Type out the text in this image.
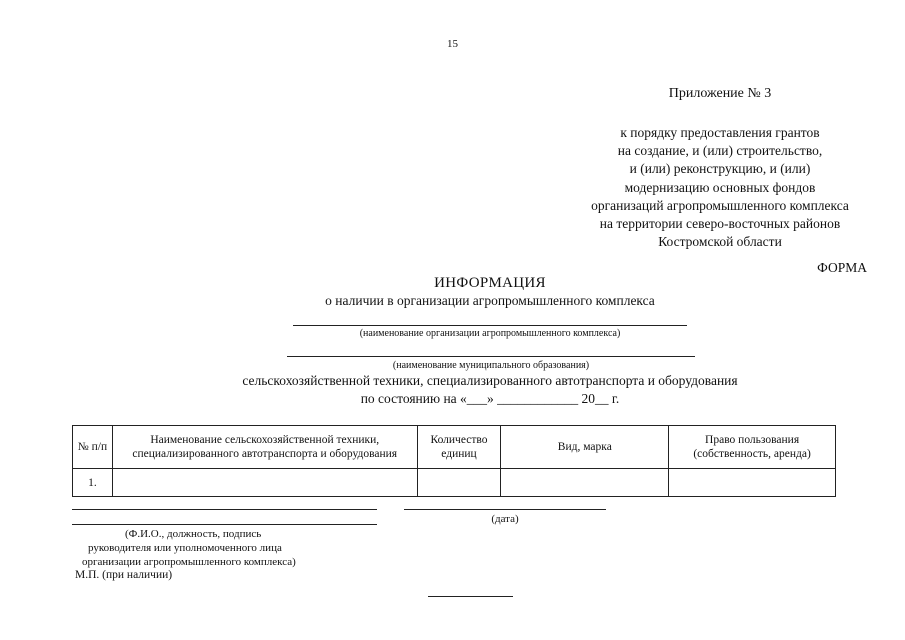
15
Приложение № 3
к порядку предоставления грантов
на создание, и (или) строительство,
и (или) реконструкцию, и (или)
модернизацию основных фондов
организаций агропромышленного комплекса
на территории северо-восточных районов
Костромской области
ФОРМА
ИНФОРМАЦИЯ
о наличии в организации агропромышленного комплекса
(наименование организации агропромышленного комплекса)
(наименование муниципального образования)
сельскохозяйственной техники, специализированного автотранспорта и оборудования
по состоянию на «___» ____________ 20__ г.
№ п/п	Наименование сельскохозяйственной техники, специализированного автотранспорта и оборудования	Количество единиц	Вид, марка	Право пользования (собственность, аренда)
1.				
(дата)
(Ф.И.О., должность, подпись
руководителя или уполномоченного лица
организации агропромышленного комплекса)
М.П. (при наличии)
